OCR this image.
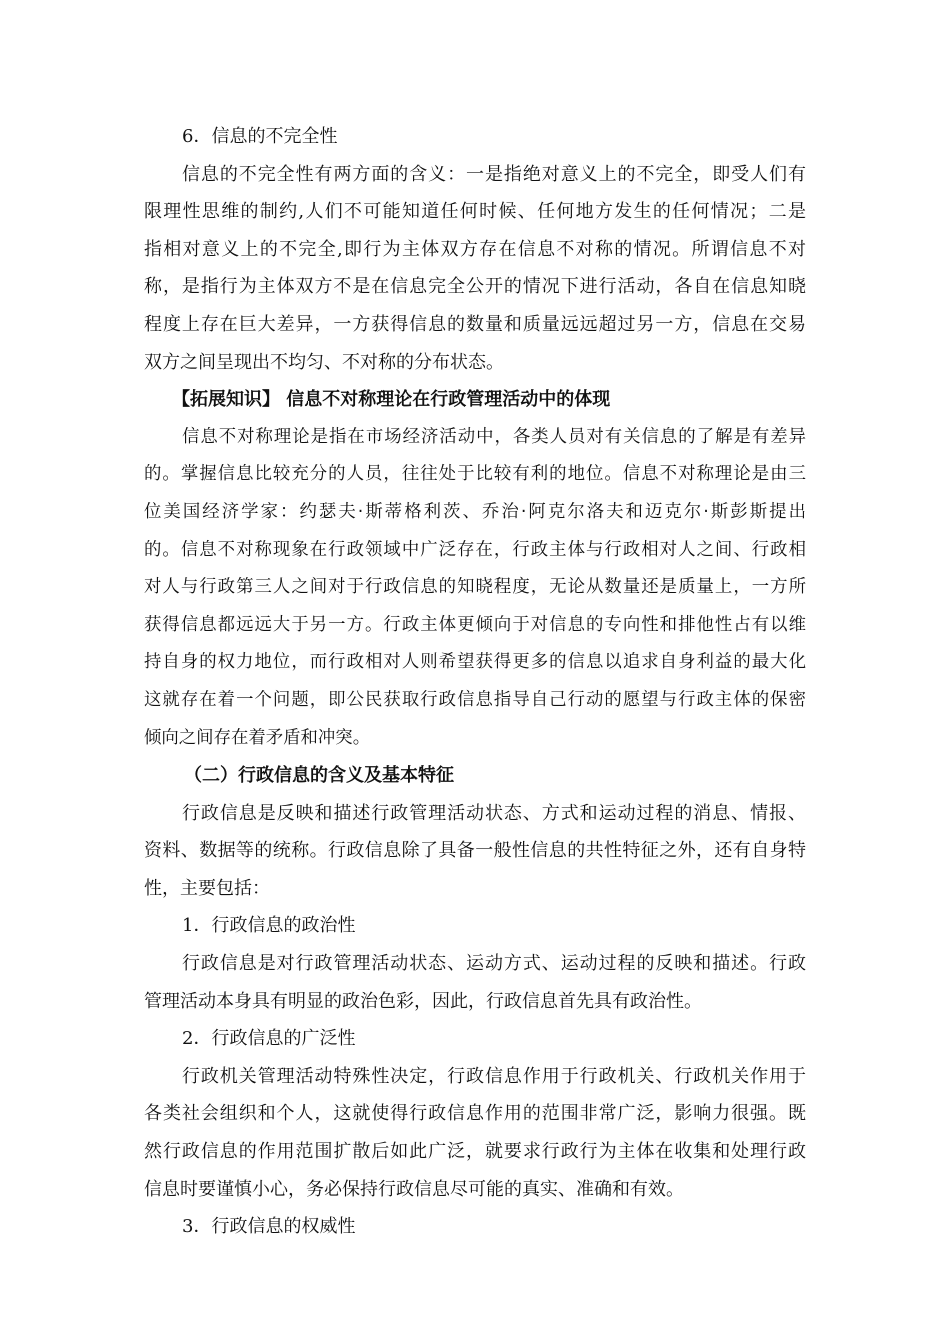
6．信息的不完全性
信息的不完全性有两方面的含义：一是指绝对意义上的不完全，即受人们有
限理性思维的制约,人们不可能知道任何时候、任何地方发生的任何情况；二是
指相对意义上的不完全,即行为主体双方存在信息不对称的情况。所谓信息不对
称，是指行为主体双方不是在信息完全公开的情况下进行活动，各自在信息知晓
程度上存在巨大差异，一方获得信息的数量和质量远远超过另一方，信息在交易
双方之间呈现出不均匀、不对称的分布状态。
【拓展知识】 信息不对称理论在行政管理活动中的体现
信息不对称理论是指在市场经济活动中，各类人员对有关信息的了解是有差异
的。掌握信息比较充分的人员，往往处于比较有利的地位。信息不对称理论是由三
位美国经济学家：约瑟夫·斯蒂格利茨、乔治·阿克尔洛夫和迈克尔·斯彭斯提出
的。信息不对称现象在行政领域中广泛存在，行政主体与行政相对人之间、行政相
对人与行政第三人之间对于行政信息的知晓程度，无论从数量还是质量上，一方所
获得信息都远远大于另一方。行政主体更倾向于对信息的专向性和排他性占有以维
持自身的权力地位，而行政相对人则希望获得更多的信息以追求自身利益的最大化
这就存在着一个问题，即公民获取行政信息指导自己行动的愿望与行政主体的保密
倾向之间存在着矛盾和冲突。
（二）行政信息的含义及基本特征
行政信息是反映和描述行政管理活动状态、方式和运动过程的消息、情报、
资料、数据等的统称。行政信息除了具备一般性信息的共性特征之外，还有自身特
性，主要包括：
1．行政信息的政治性
行政信息是对行政管理活动状态、运动方式、运动过程的反映和描述。行政
管理活动本身具有明显的政治色彩，因此，行政信息首先具有政治性。
2．行政信息的广泛性
行政机关管理活动特殊性决定，行政信息作用于行政机关、行政机关作用于
各类社会组织和个人，这就使得行政信息作用的范围非常广泛，影响力很强。既
然行政信息的作用范围扩散后如此广泛，就要求行政行为主体在收集和处理行政
信息时要谨慎小心，务必保持行政信息尽可能的真实、准确和有效。
3．行政信息的权威性
